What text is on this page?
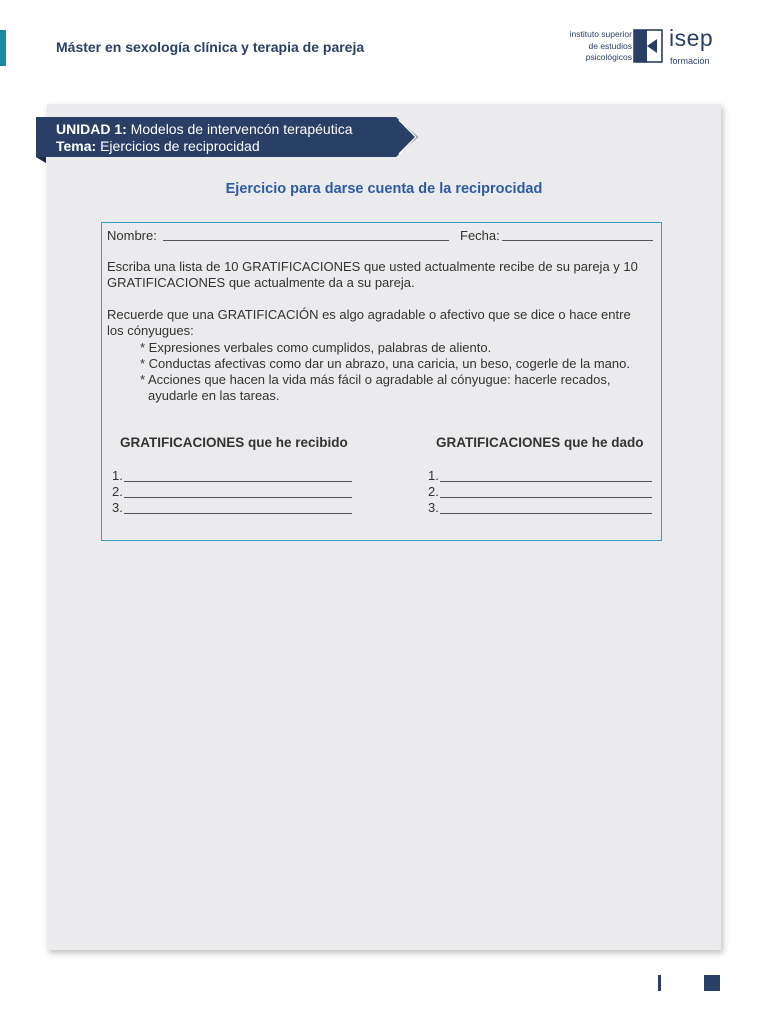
Máster en sexología clínica y terapia de pareja
instituto superior
de estudios
psicológicos
isep
formación
UNIDAD 1: Modelos de intervencón terapéutica
Tema: Ejercicios de reciprocidad
Ejercicio para darse cuenta de la reciprocidad
Nombre:	Fecha:
Escriba una lista de 10 GRATIFICACIONES que usted actualmente recibe de su pareja y 10
GRATIFICACIONES que actualmente da a su pareja.
Recuerde que una GRATIFICACIÓN es algo agradable o afectivo que se dice o hace entre
los cónyugues:
* Expresiones verbales como cumplidos, palabras de aliento.
* Conductas afectivas como dar un abrazo, una caricia, un beso, cogerle de la mano.
* Acciones que hacen la vida más fácil o agradable al cónyugue: hacerle recados,
ayudarle en las tareas.
GRATIFICACIONES que he recibido	GRATIFICACIONES que he dado
1.
2.
3.
1.
2.
3.
